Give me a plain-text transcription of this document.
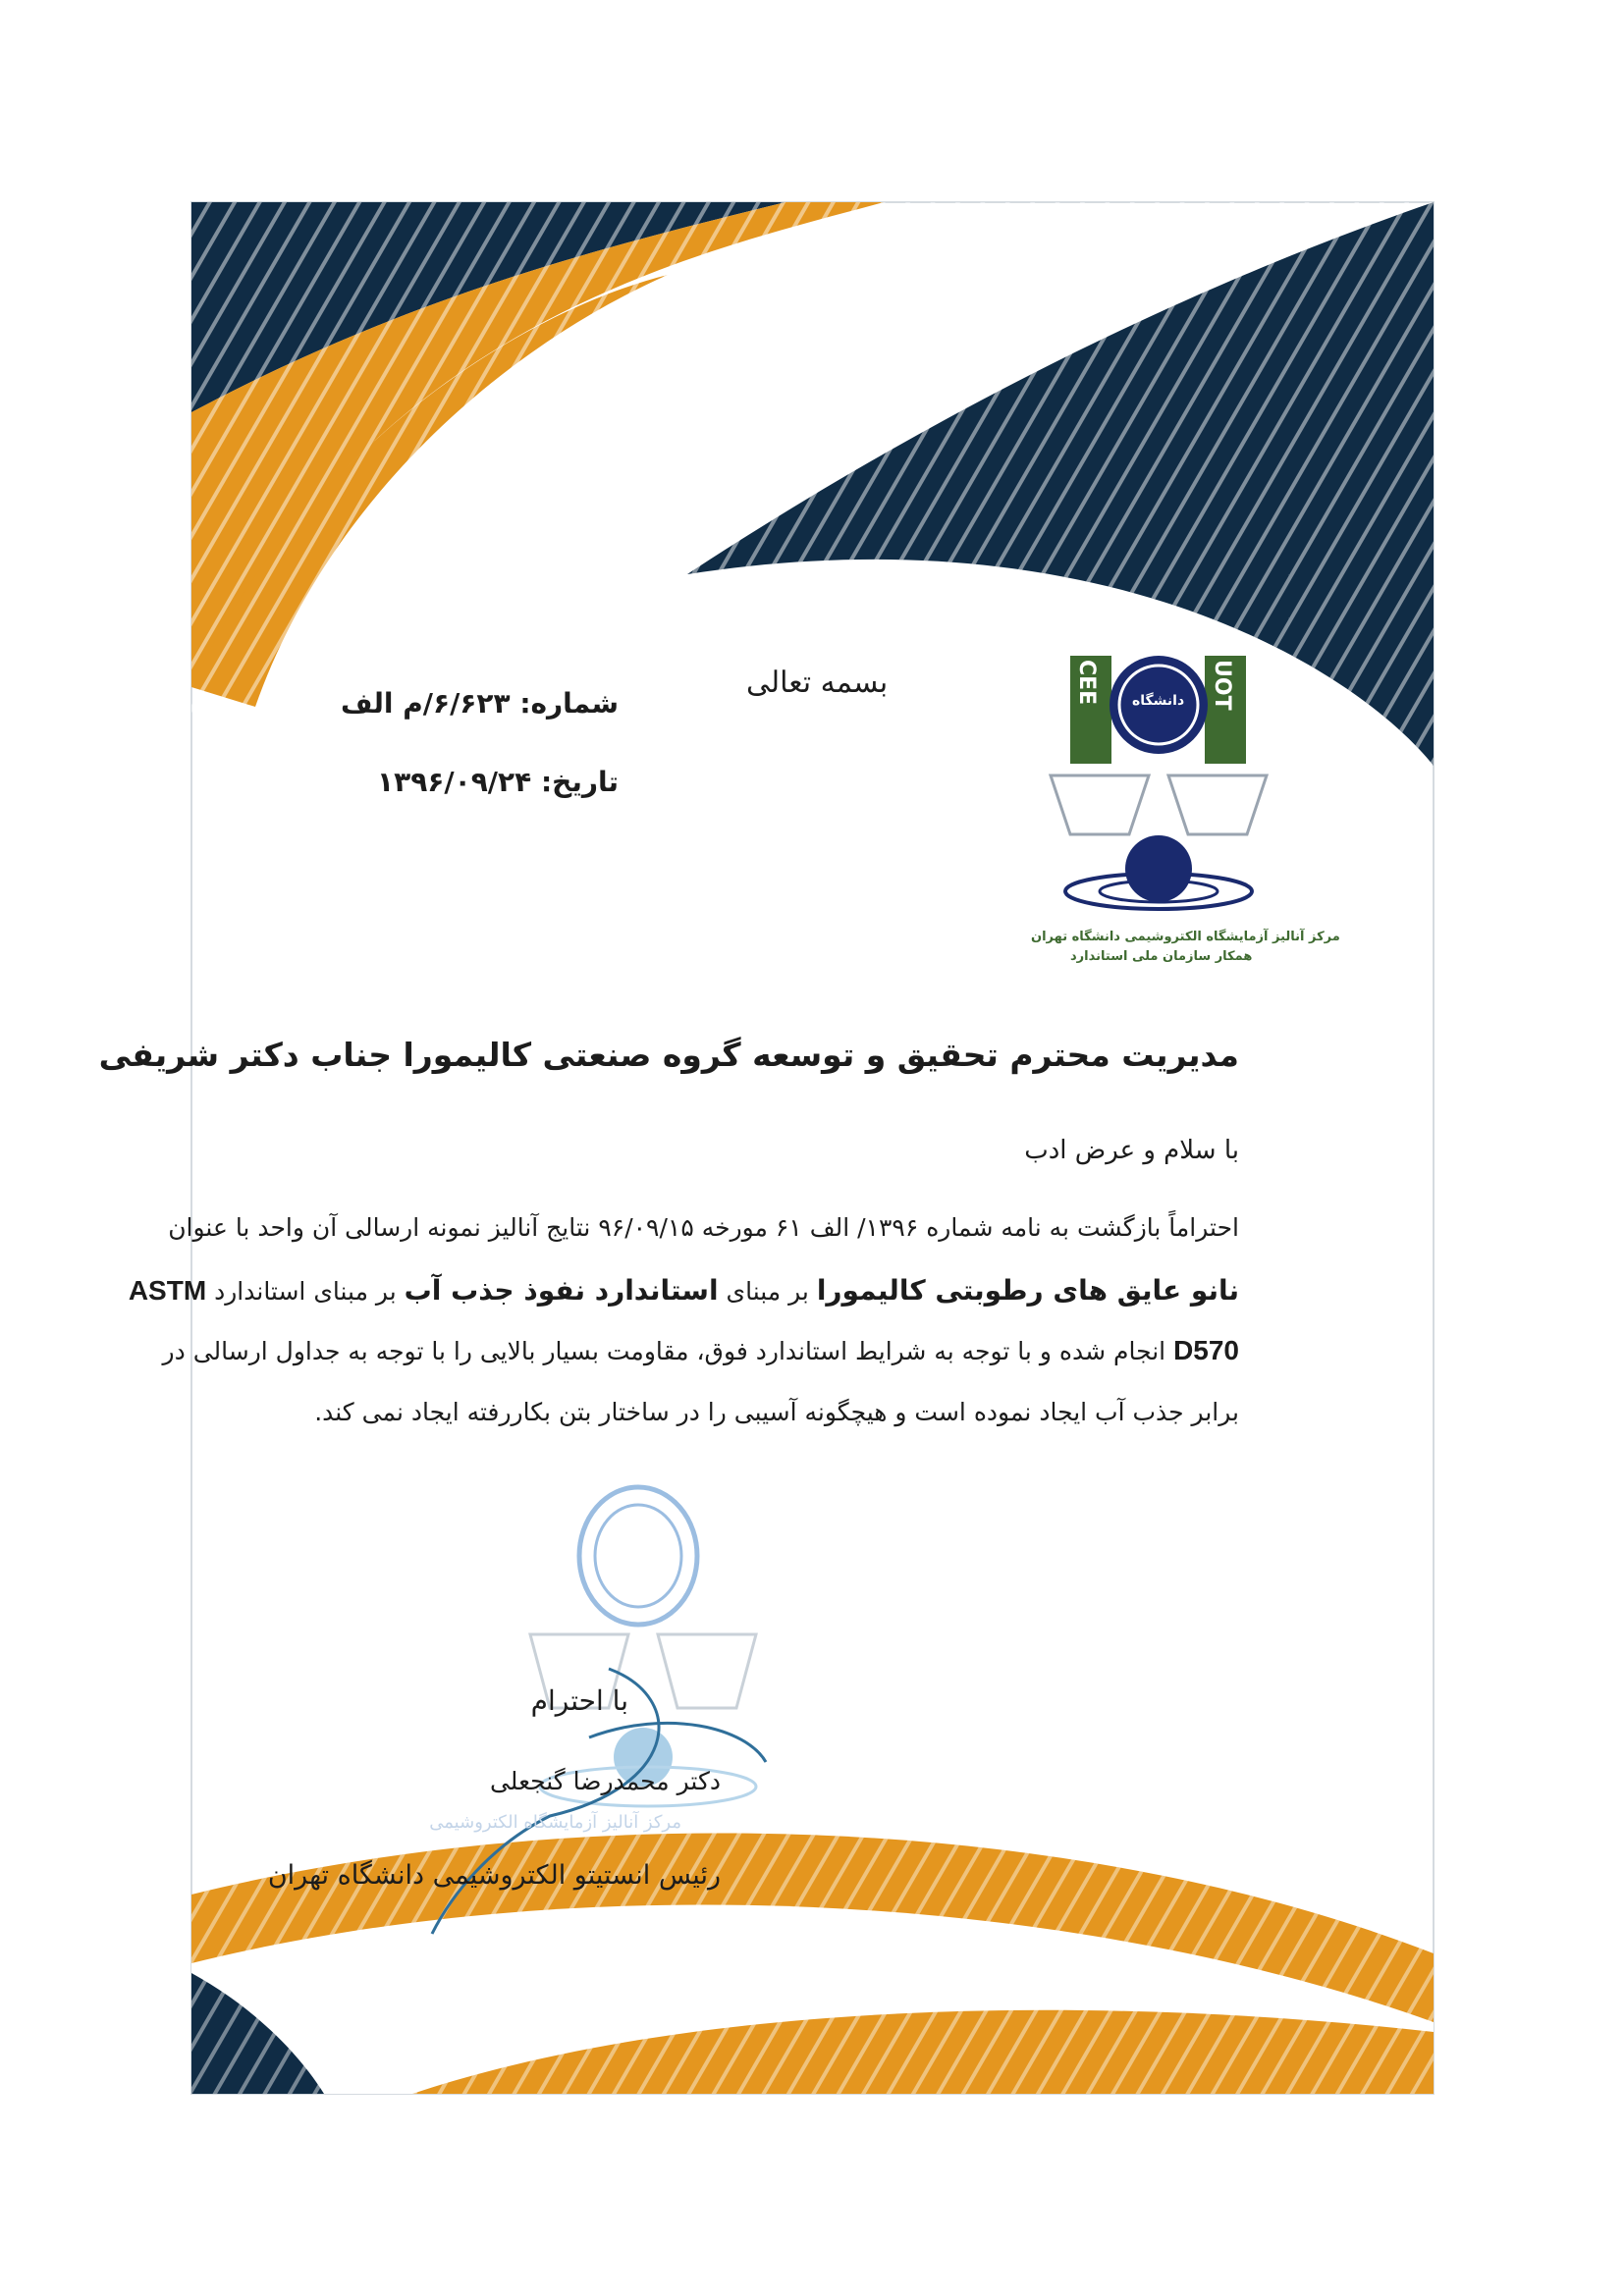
بسمه تعالی
شماره: ۶/۶۲۳/م الف
تاریخ: ۱۳۹۶/۰۹/۲۴
CEE	UOT
دانشگاه
مرکز آنالیز آزمایشگاه الکتروشیمی دانشگاه تهران
همکار سازمان ملی استاندارد
مدیریت محترم تحقیق و توسعه گروه صنعتی کالیمورا جناب دکتر شریفی
با سلام و عرض ادب
احتراماً بازگشت به نامه شماره ۱۳۹۶/ الف ۶۱ مورخه ۹۶/۰۹/۱۵ نتایج آنالیز نمونه ارسالی آن واحد با عنوان
نانو عایق های رطوبتی کالیمورا بر مبنای استاندارد نفوذ جذب آب بر مبنای استاندارد ASTM
D570 انجام شده و با توجه به شرایط استاندارد فوق، مقاومت بسیار بالایی را با توجه به جداول ارسالی در
برابر جذب آب ایجاد نموده است و هیچگونه آسیبی را در ساختار بتن بکاررفته ایجاد نمی کند.
با احترام
دکتر محمدرضا گنجعلی
مرکز آنالیز آزمایشگاه الکتروشیمی
رئیس انستیتو الکتروشیمی دانشگاه تهران
